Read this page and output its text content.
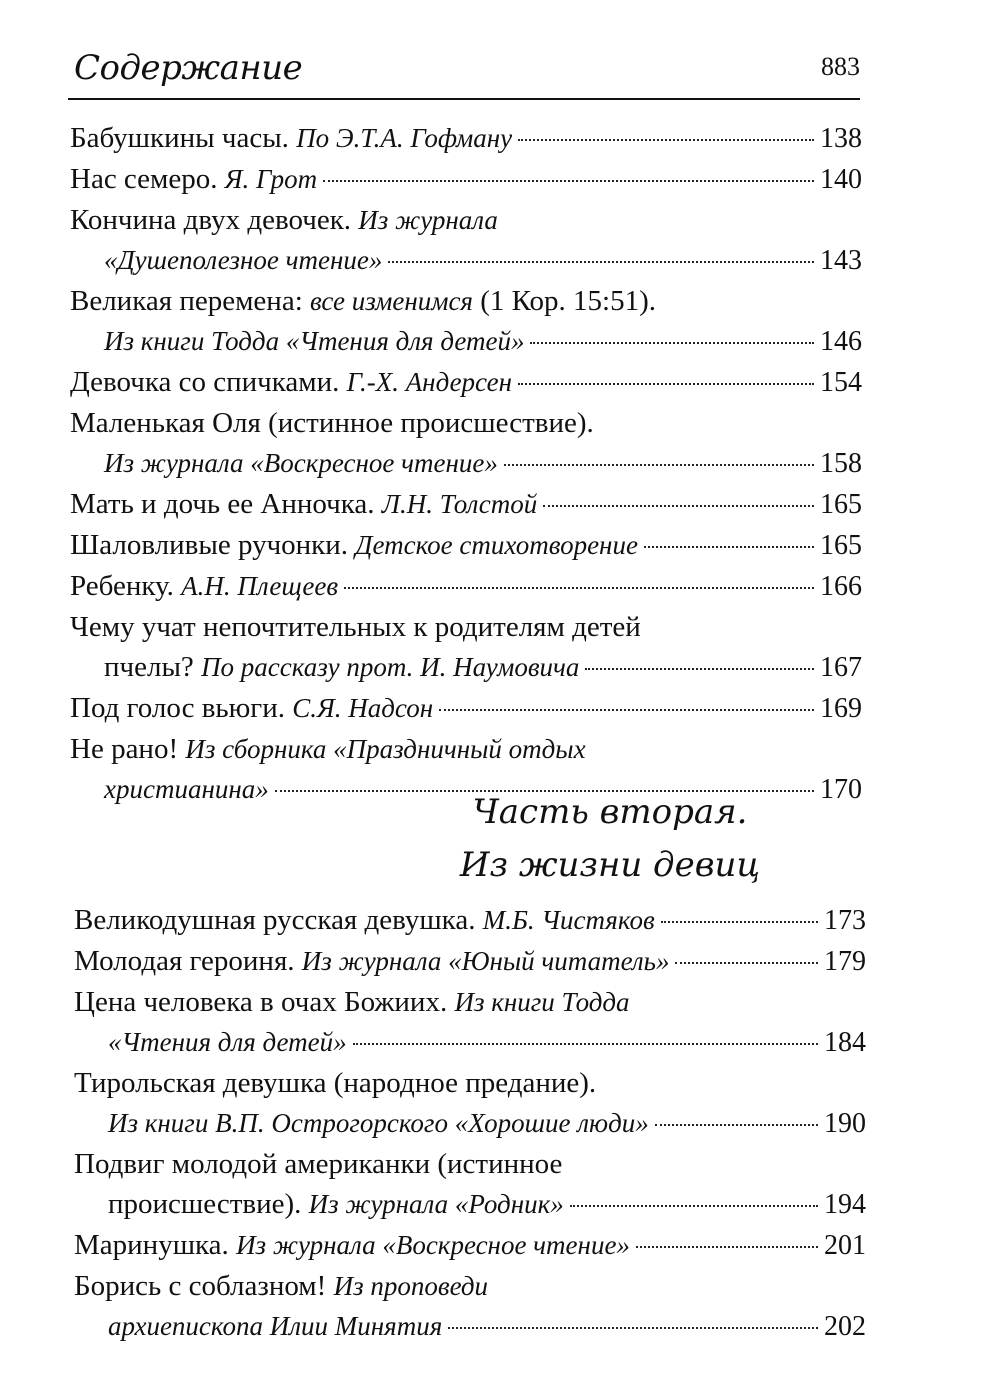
Содержание	883
Бабушкины часы. По Э.Т.А. Гофману	138
Нас семеро. Я. Грот	140
Кончина двух девочек. Из журнала
«Душеполезное чтение»	143
Великая перемена: все изменимся (1 Кор. 15:51).
Из книги Тодда «Чтения для детей»	146
Девочка со спичками. Г.-Х. Андерсен	154
Маленькая Оля (истинное происшествие).
Из журнала «Воскресное чтение»	158
Мать и дочь ее Анночка. Л.Н. Толстой	165
Шаловливые ручонки. Детское стихотворение	165
Ребенку. А.Н. Плещеев	166
Чему учат непочтительных к родителям детей
пчелы? По рассказу прот. И. Наумовича	167
Под голос вьюги. С.Я. Надсон	169
Не рано! Из сборника «Праздничный отдых
христианина»	170
Часть вторая.
Из жизни девиц
Великодушная русская девушка. М.Б. Чистяков	173
Молодая героиня. Из журнала «Юный читатель»	179
Цена человека в очах Божиих. Из книги Тодда
«Чтения для детей»	184
Тирольская девушка (народное предание).
Из книги В.П. Острогорского «Хорошие люди»	190
Подвиг молодой американки (истинное
происшествие). Из журнала «Родник»	194
Маринушка. Из журнала «Воскресное чтение»	201
Борись с соблазном! Из проповеди
архиепископа Илии Минятия	202
